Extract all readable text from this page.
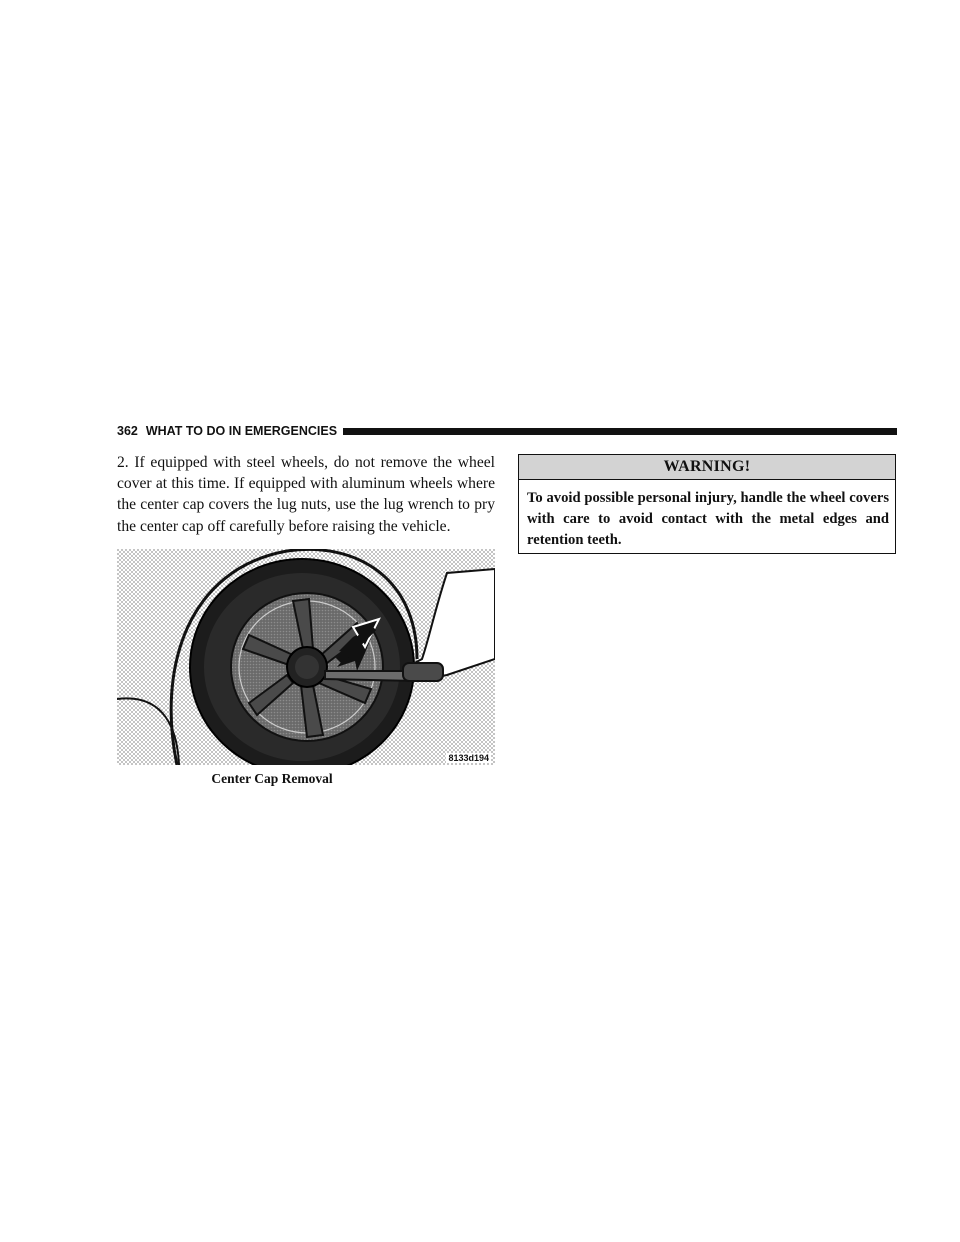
362 WHAT TO DO IN EMERGENCIES

2. If equipped with steel wheels, do not remove the wheel cover at this time. If equipped with aluminum wheels where the center cap covers the lug nuts, use the lug wrench to pry the center cap off carefully before raising the vehicle.

8133d194
Center Cap Removal
WARNING!
To avoid possible personal injury, handle the wheel covers with care to avoid contact with the metal edges and retention teeth.
